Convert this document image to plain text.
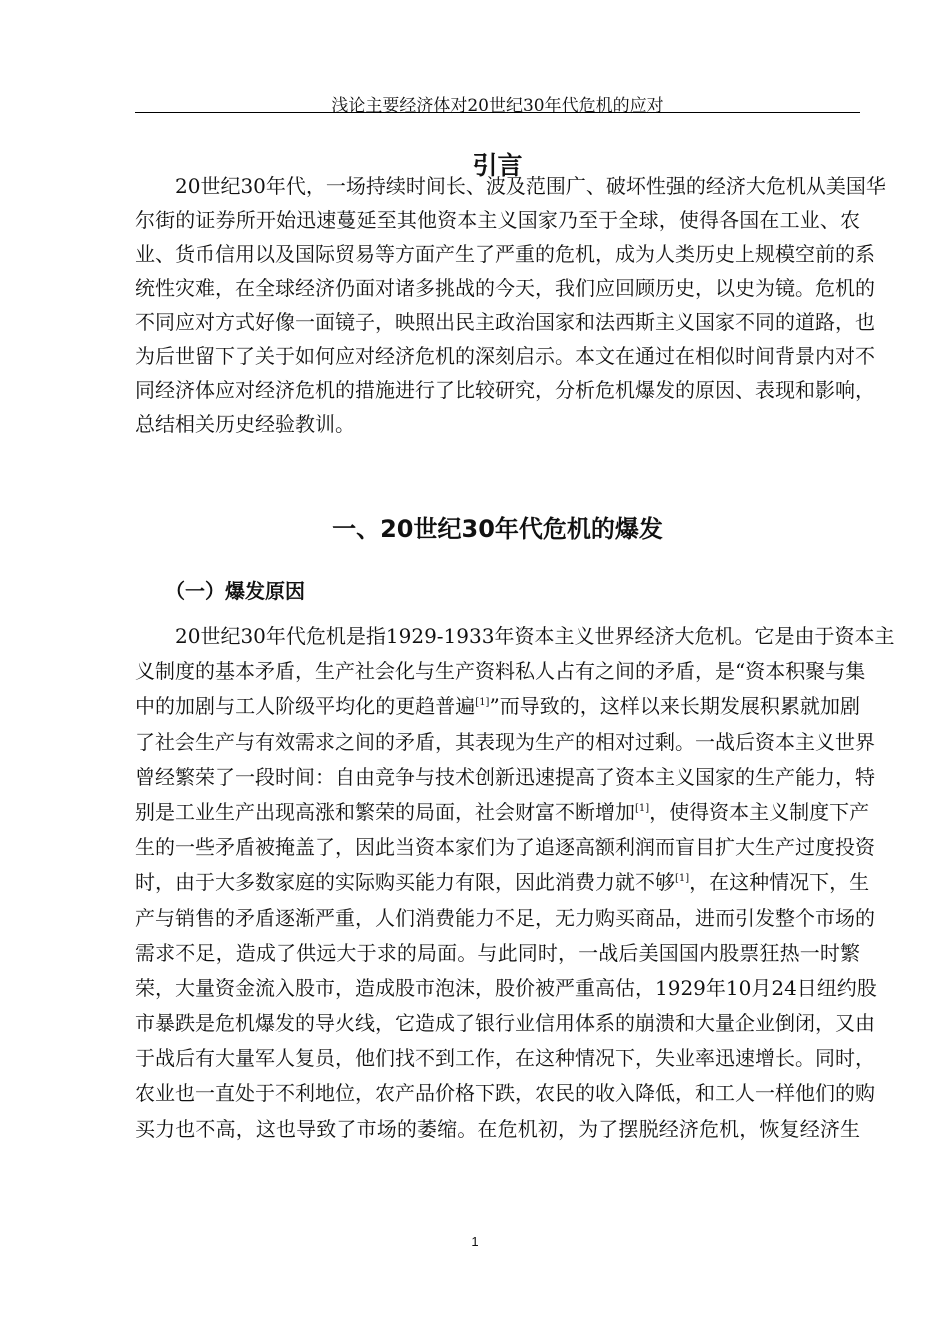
浅论主要经济体对20世纪30年代危机的应对
引言
20世纪30年代，一场持续时间长、波及范围广、破坏性强的经济大危机从美国华
尔街的证券所开始迅速蔓延至其他资本主义国家乃至于全球，使得各国在工业、农
业、货币信用以及国际贸易等方面产生了严重的危机，成为人类历史上规模空前的系
统性灾难，在全球经济仍面对诸多挑战的今天，我们应回顾历史，以史为镜。危机的
不同应对方式好像一面镜子，映照出民主政治国家和法西斯主义国家不同的道路，也
为后世留下了关于如何应对经济危机的深刻启示。本文在通过在相似时间背景内对不
同经济体应对经济危机的措施进行了比较研究，分析危机爆发的原因、表现和影响，
总结相关历史经验教训。
一、20世纪30年代危机的爆发
（一）爆发原因
20世纪30年代危机是指1929-1933年资本主义世界经济大危机。它是由于资本主
义制度的基本矛盾，生产社会化与生产资料私人占有之间的矛盾，是“资本积聚与集
中的加剧与工人阶级平均化的更趋普遍[1]”而导致的，这样以来长期发展积累就加剧
了社会生产与有效需求之间的矛盾，其表现为生产的相对过剩。一战后资本主义世界
曾经繁荣了一段时间：自由竞争与技术创新迅速提高了资本主义国家的生产能力，特
别是工业生产出现高涨和繁荣的局面，社会财富不断增加[1]，使得资本主义制度下产
生的一些矛盾被掩盖了，因此当资本家们为了追逐高额利润而盲目扩大生产过度投资
时，由于大多数家庭的实际购买能力有限，因此消费力就不够[1]，在这种情况下，生
产与销售的矛盾逐渐严重，人们消费能力不足，无力购买商品，进而引发整个市场的
需求不足，造成了供远大于求的局面。与此同时，一战后美国国内股票狂热一时繁
荣，大量资金流入股市，造成股市泡沫，股价被严重高估，1929年10月24日纽约股
市暴跌是危机爆发的导火线，它造成了银行业信用体系的崩溃和大量企业倒闭，又由
于战后有大量军人复员，他们找不到工作，在这种情况下，失业率迅速增长。同时，
农业也一直处于不利地位，农产品价格下跌，农民的收入降低，和工人一样他们的购
买力也不高，这也导致了市场的萎缩。在危机初，为了摆脱经济危机，恢复经济生
1
